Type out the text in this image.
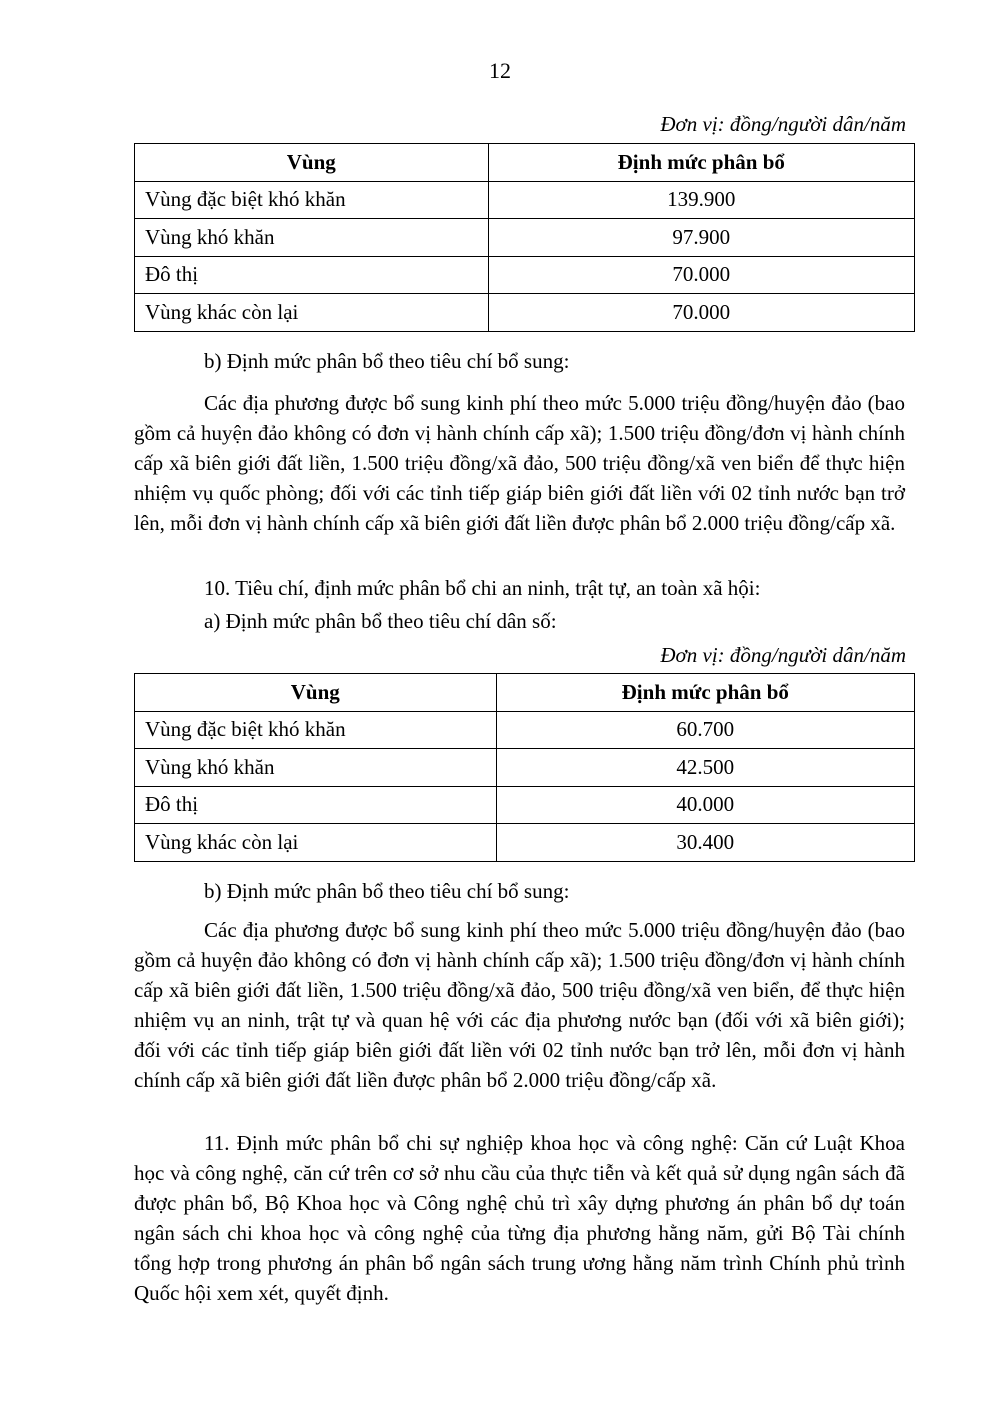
12
Đơn vị: đồng/người dân/năm
Vùng	Định mức phân bổ
Vùng đặc biệt khó khăn	139.900
Vùng khó khăn	97.900
Đô thị	70.000
Vùng khác còn lại	70.000

b) Định mức phân bổ theo tiêu chí bổ sung:

Các địa phương được bổ sung kinh phí theo mức 5.000 triệu đồng/huyện đảo (bao gồm cả huyện đảo không có đơn vị hành chính cấp xã); 1.500 triệu đồng/đơn vị hành chính cấp xã biên giới đất liền, 1.500 triệu đồng/xã đảo, 500 triệu đồng/xã ven biển để thực hiện nhiệm vụ quốc phòng; đối với các tỉnh tiếp giáp biên giới đất liền với 02 tỉnh nước bạn trở lên, mỗi đơn vị hành chính cấp xã biên giới đất liền được phân bổ 2.000 triệu đồng/cấp xã.

10. Tiêu chí, định mức phân bổ chi an ninh, trật tự, an toàn xã hội:

a) Định mức phân bổ theo tiêu chí dân số:

Đơn vị: đồng/người dân/năm
Vùng	Định mức phân bổ
Vùng đặc biệt khó khăn	60.700
Vùng khó khăn	42.500
Đô thị	40.000
Vùng khác còn lại	30.400

b) Định mức phân bổ theo tiêu chí bổ sung:

Các địa phương được bổ sung kinh phí theo mức 5.000 triệu đồng/huyện đảo (bao gồm cả huyện đảo không có đơn vị hành chính cấp xã); 1.500 triệu đồng/đơn vị hành chính cấp xã biên giới đất liền, 1.500 triệu đồng/xã đảo, 500 triệu đồng/xã ven biển, để thực hiện nhiệm vụ an ninh, trật tự và quan hệ với các địa phương nước bạn (đối với xã biên giới); đối với các tỉnh tiếp giáp biên giới đất liền với 02 tỉnh nước bạn trở lên, mỗi đơn vị hành chính cấp xã biên giới đất liền được phân bổ 2.000 triệu đồng/cấp xã.

11. Định mức phân bổ chi sự nghiệp khoa học và công nghệ: Căn cứ Luật Khoa học và công nghệ, căn cứ trên cơ sở nhu cầu của thực tiễn và kết quả sử dụng ngân sách đã được phân bổ, Bộ Khoa học và Công nghệ chủ trì xây dựng phương án phân bổ dự toán ngân sách chi khoa học và công nghệ của từng địa phương hằng năm, gửi Bộ Tài chính tổng hợp trong phương án phân bổ ngân sách trung ương hằng năm trình Chính phủ trình Quốc hội xem xét, quyết định.
